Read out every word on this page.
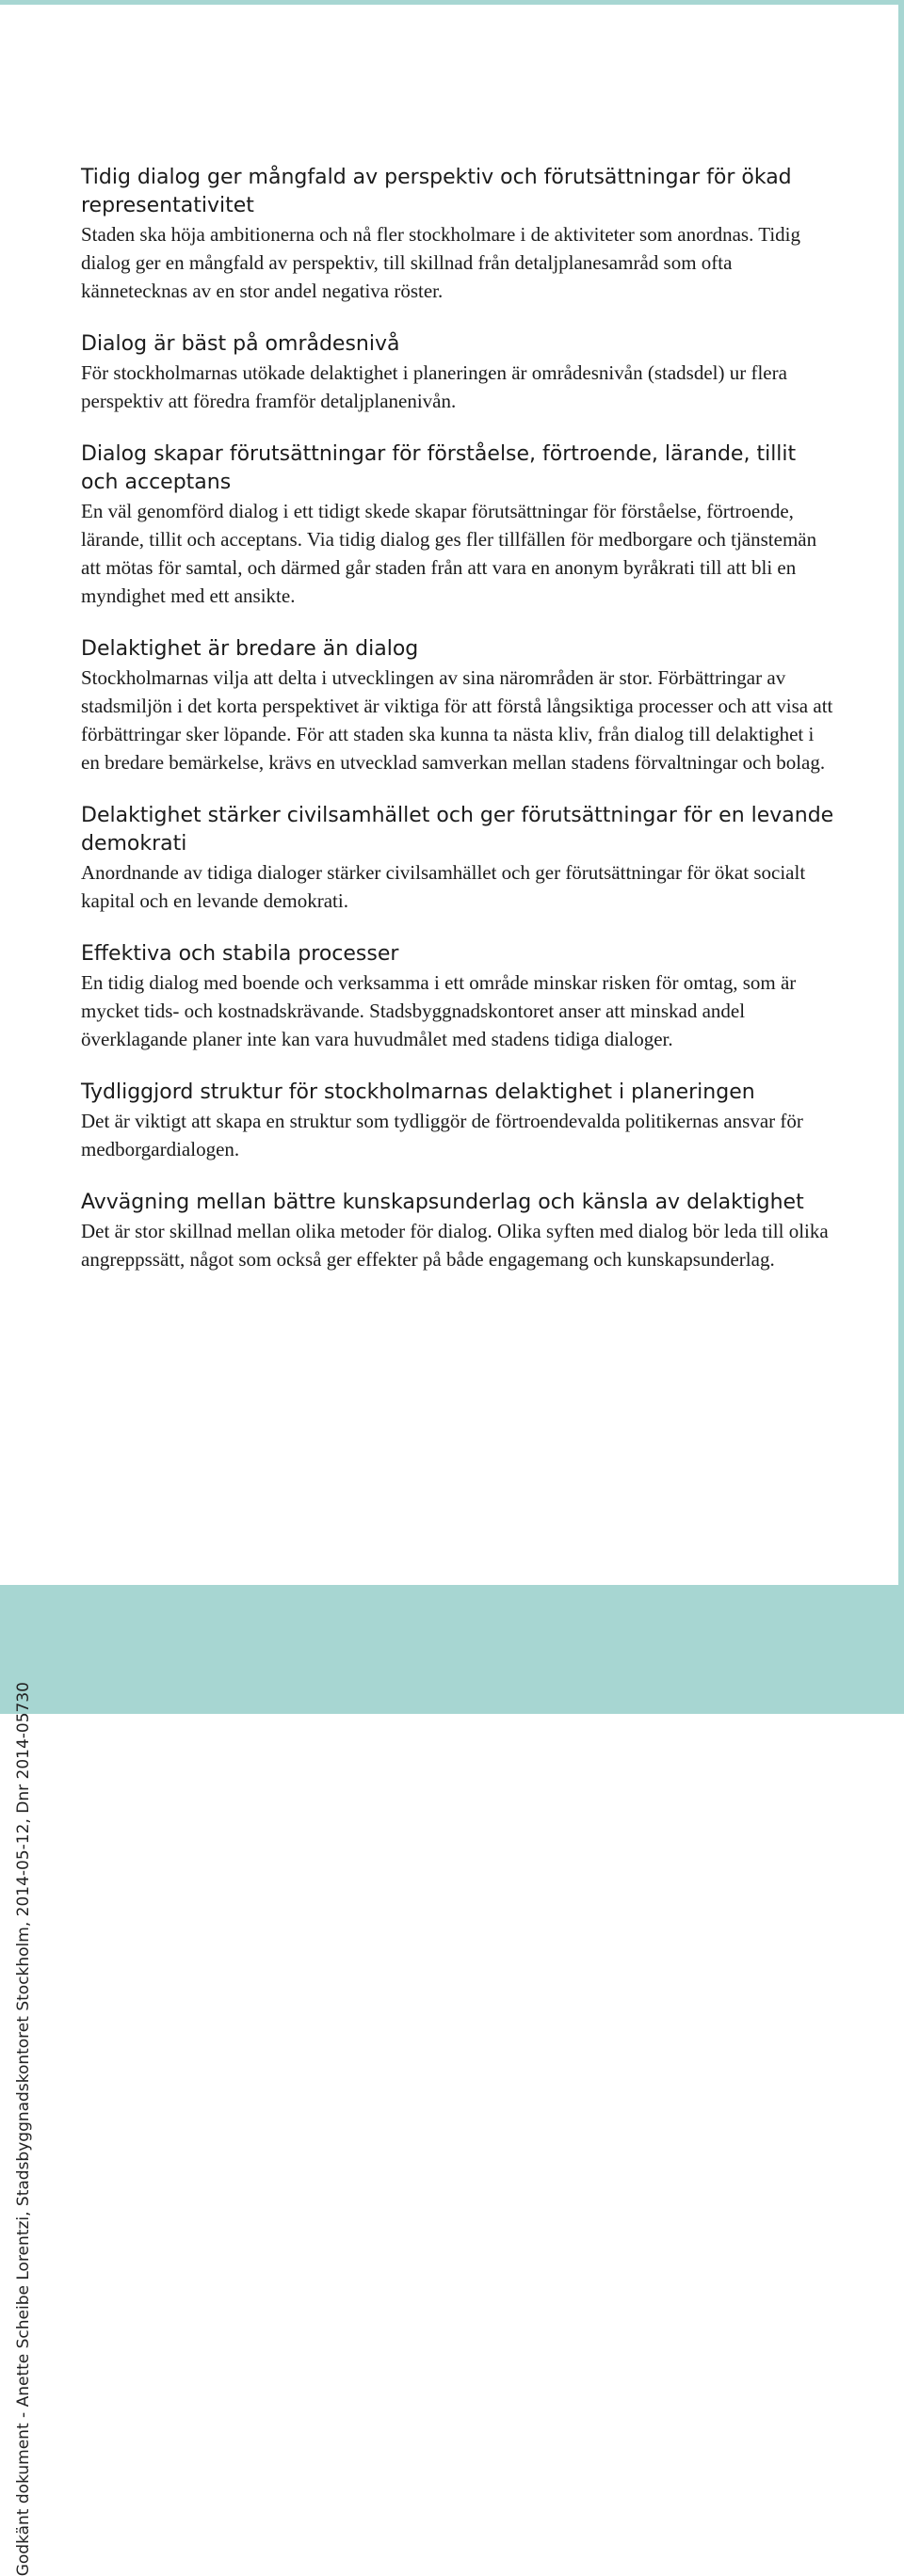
Godkänt dokument - Anette Scheibe Lorentzi, Stadsbyggnadskontoret Stockholm, 2014-05-12, Dnr 2014-05730
Tidig dialog ger mångfald av perspektiv och förutsättningar för ökad representativitet

Staden ska höja ambitionerna och nå fler stockholmare i de aktiviteter som anordnas. Tidig dialog ger en mångfald av perspektiv, till skillnad från detaljplanesamråd som ofta kännetecknas av en stor andel negativa röster.

Dialog är bäst på områdesnivå

För stockholmarnas utökade delaktighet i planeringen är områdesnivån (stadsdel) ur flera perspektiv att föredra framför detaljplanenivån.

Dialog skapar förutsättningar för förståelse, förtroende, lärande, tillit och acceptans

En väl genomförd dialog i ett tidigt skede skapar förutsättningar för förståelse, förtroende, lärande, tillit och acceptans. Via tidig dialog ges fler tillfällen för medborgare och tjänstemän att mötas för samtal, och därmed går staden från att vara en anonym byråkrati till att bli en myndighet med ett ansikte.

Delaktighet är bredare än dialog

Stockholmarnas vilja att delta i utvecklingen av sina närområden är stor. Förbättringar av stadsmiljön i det korta perspektivet är viktiga för att förstå långsiktiga processer och att visa att förbättringar sker löpande. För att staden ska kunna ta nästa kliv, från dialog till delaktighet i en bredare bemärkelse, krävs en utvecklad samverkan mellan stadens förvaltningar och bolag.

Delaktighet stärker civilsamhället och ger förutsättningar för en levande demokrati

Anordnande av tidiga dialoger stärker civilsamhället och ger förutsättningar för ökat socialt kapital och en levande demokrati.

Effektiva och stabila processer

En tidig dialog med boende och verksamma i ett område minskar risken för omtag, som är mycket tids- och kostnadskrävande. Stadsbyggnadskontoret anser att minskad andel överklagande planer inte kan vara huvudmålet med stadens tidiga dialoger.

Tydliggjord struktur för stockholmarnas delaktighet i planeringen

Det är viktigt att skapa en struktur som tydliggör de förtroendevalda politikernas ansvar för medborgardialogen.

Avvägning mellan bättre kunskapsunderlag och känsla av delaktighet

Det är stor skillnad mellan olika metoder för dialog. Olika syften med dialog bör leda till olika angreppssätt, något som också ger effekter på både engagemang och kunskapsunderlag.
